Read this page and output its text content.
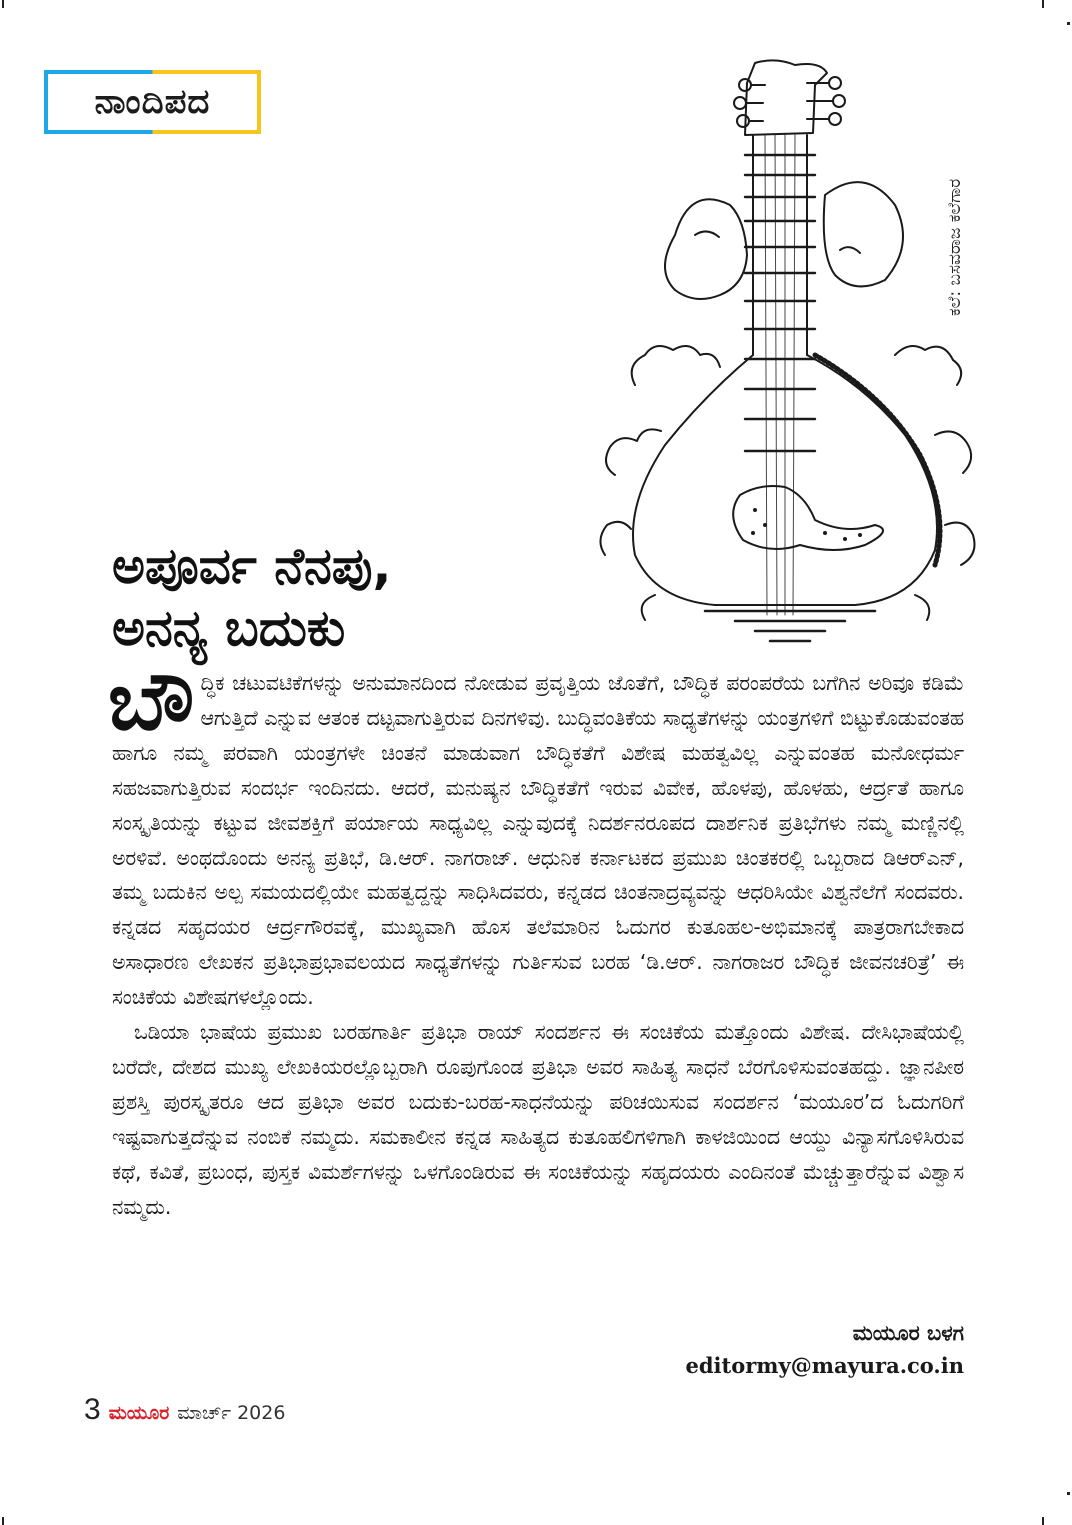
ನಾಂದಿಪದ
ಕಲೆ: ಬಸವರಾಜ ಕಲೆಗಾರ
ಅಪೂರ್ವ ನೆನಪು,
ಅನನ್ಯ ಬದುಕು

ಬೌದ್ಧಿಕ ಚಟುವಟಿಕೆಗಳನ್ನು ಅನುಮಾನದಿಂದ ನೋಡುವ ಪ್ರವೃತ್ತಿಯ ಜೊತೆಗೆ, ಬೌದ್ಧಿಕ ಪರಂಪರೆಯ ಬಗೆಗಿನ ಅರಿವೂ ಕಡಿಮೆ ಆಗುತ್ತಿದೆ ಎನ್ನುವ ಆತಂಕ ದಟ್ಟವಾಗುತ್ತಿರುವ ದಿನಗಳಿವು. ಬುದ್ಧಿವಂತಿಕೆಯ ಸಾಧ್ಯತೆಗಳನ್ನು ಯಂತ್ರಗಳಿಗೆ ಬಿಟ್ಟುಕೊಡುವಂತಹ ಹಾಗೂ ನಮ್ಮ ಪರವಾಗಿ ಯಂತ್ರಗಳೇ ಚಿಂತನೆ ಮಾಡುವಾಗ ಬೌದ್ಧಿಕತೆಗೆ ವಿಶೇಷ ಮಹತ್ವವಿಲ್ಲ ಎನ್ನುವಂತಹ ಮನೋಧರ್ಮ ಸಹಜವಾಗುತ್ತಿರುವ ಸಂದರ್ಭ ಇಂದಿನದು. ಆದರೆ, ಮನುಷ್ಯನ ಬೌದ್ಧಿಕತೆಗೆ ಇರುವ ವಿವೇಕ, ಹೊಳಪು, ಹೊಳಹು, ಆರ್ದ್ರತೆ ಹಾಗೂ ಸಂಸ್ಕೃತಿಯನ್ನು ಕಟ್ಟುವ ಜೀವಶಕ್ತಿಗೆ ಪರ್ಯಾಯ ಸಾಧ್ಯವಿಲ್ಲ ಎನ್ನುವುದಕ್ಕೆ ನಿದರ್ಶನರೂಪದ ದಾರ್ಶನಿಕ ಪ್ರತಿಭೆಗಳು ನಮ್ಮ ಮಣ್ಣಿನಲ್ಲಿ ಅರಳಿವೆ. ಅಂಥದೊಂದು ಅನನ್ಯ ಪ್ರತಿಭೆ, ಡಿ.ಆರ್. ನಾಗರಾಜ್. ಆಧುನಿಕ ಕರ್ನಾಟಕದ ಪ್ರಮುಖ ಚಿಂತಕರಲ್ಲಿ ಒಬ್ಬರಾದ ಡಿಆರ್‌ಎನ್, ತಮ್ಮ ಬದುಕಿನ ಅಲ್ಪ ಸಮಯದಲ್ಲಿಯೇ ಮಹತ್ವದ್ದನ್ನು ಸಾಧಿಸಿದವರು, ಕನ್ನಡದ ಚಿಂತನಾದ್ರವ್ಯವನ್ನು ಆಧರಿಸಿಯೇ ವಿಶ್ವನೆಲೆಗೆ ಸಂದವರು. ಕನ್ನಡದ ಸಹೃದಯರ ಆರ್ದ್ರಗೌರವಕ್ಕೆ, ಮುಖ್ಯವಾಗಿ ಹೊಸ ತಲೆಮಾರಿನ ಓದುಗರ ಕುತೂಹಲ-ಅಭಿಮಾನಕ್ಕೆ ಪಾತ್ರರಾಗಬೇಕಾದ ಅಸಾಧಾರಣ ಲೇಖಕನ ಪ್ರತಿಭಾಪ್ರಭಾವಲಯದ ಸಾಧ್ಯತೆಗಳನ್ನು ಗುರ್ತಿಸುವ ಬರಹ ‘ಡಿ.ಆರ್. ನಾಗರಾಜರ ಬೌದ್ಧಿಕ ಜೀವನಚರಿತ್ರೆ’ ಈ ಸಂಚಿಕೆಯ ವಿಶೇಷಗಳಲ್ಲೊಂದು.

ಒಡಿಯಾ ಭಾಷೆಯ ಪ್ರಮುಖ ಬರಹಗಾರ್ತಿ ಪ್ರತಿಭಾ ರಾಯ್ ಸಂದರ್ಶನ ಈ ಸಂಚಿಕೆಯ ಮತ್ತೊಂದು ವಿಶೇಷ. ದೇಸಿಭಾಷೆಯಲ್ಲಿ ಬರೆದೇ, ದೇಶದ ಮುಖ್ಯ ಲೇಖಕಿಯರಲ್ಲೊಬ್ಬರಾಗಿ ರೂಪುಗೊಂಡ ಪ್ರತಿಭಾ ಅವರ ಸಾಹಿತ್ಯ ಸಾಧನೆ ಬೆರಗೊಳಿಸುವಂತಹದ್ದು. ಜ್ಞಾನಪೀಠ ಪ್ರಶಸ್ತಿ ಪುರಸ್ಕೃತರೂ ಆದ ಪ್ರತಿಭಾ ಅವರ ಬದುಕು-ಬರಹ-ಸಾಧನೆಯನ್ನು ಪರಿಚಯಿಸುವ ಸಂದರ್ಶನ ‘ಮಯೂರ’ದ ಓದುಗರಿಗೆ ಇಷ್ಟವಾಗುತ್ತದೆನ್ನುವ ನಂಬಿಕೆ ನಮ್ಮದು. ಸಮಕಾಲೀನ ಕನ್ನಡ ಸಾಹಿತ್ಯದ ಕುತೂಹಲಿಗಳಿಗಾಗಿ ಕಾಳಜಿಯಿಂದ ಆಯ್ದು ವಿನ್ಯಾಸಗೊಳಿಸಿರುವ ಕಥೆ, ಕವಿತೆ, ಪ್ರಬಂಧ, ಪುಸ್ತಕ ವಿಮರ್ಶೆಗಳನ್ನು ಒಳಗೊಂಡಿರುವ ಈ ಸಂಚಿಕೆಯನ್ನು ಸಹೃದಯರು ಎಂದಿನಂತೆ ಮೆಚ್ಚುತ್ತಾರೆನ್ನುವ ವಿಶ್ವಾಸ ನಮ್ಮದು.

ಮಯೂರ ಬಳಗ
editormy@mayura.co.in
3 ಮಯೂರ ಮಾರ್ಚ್ 2026
